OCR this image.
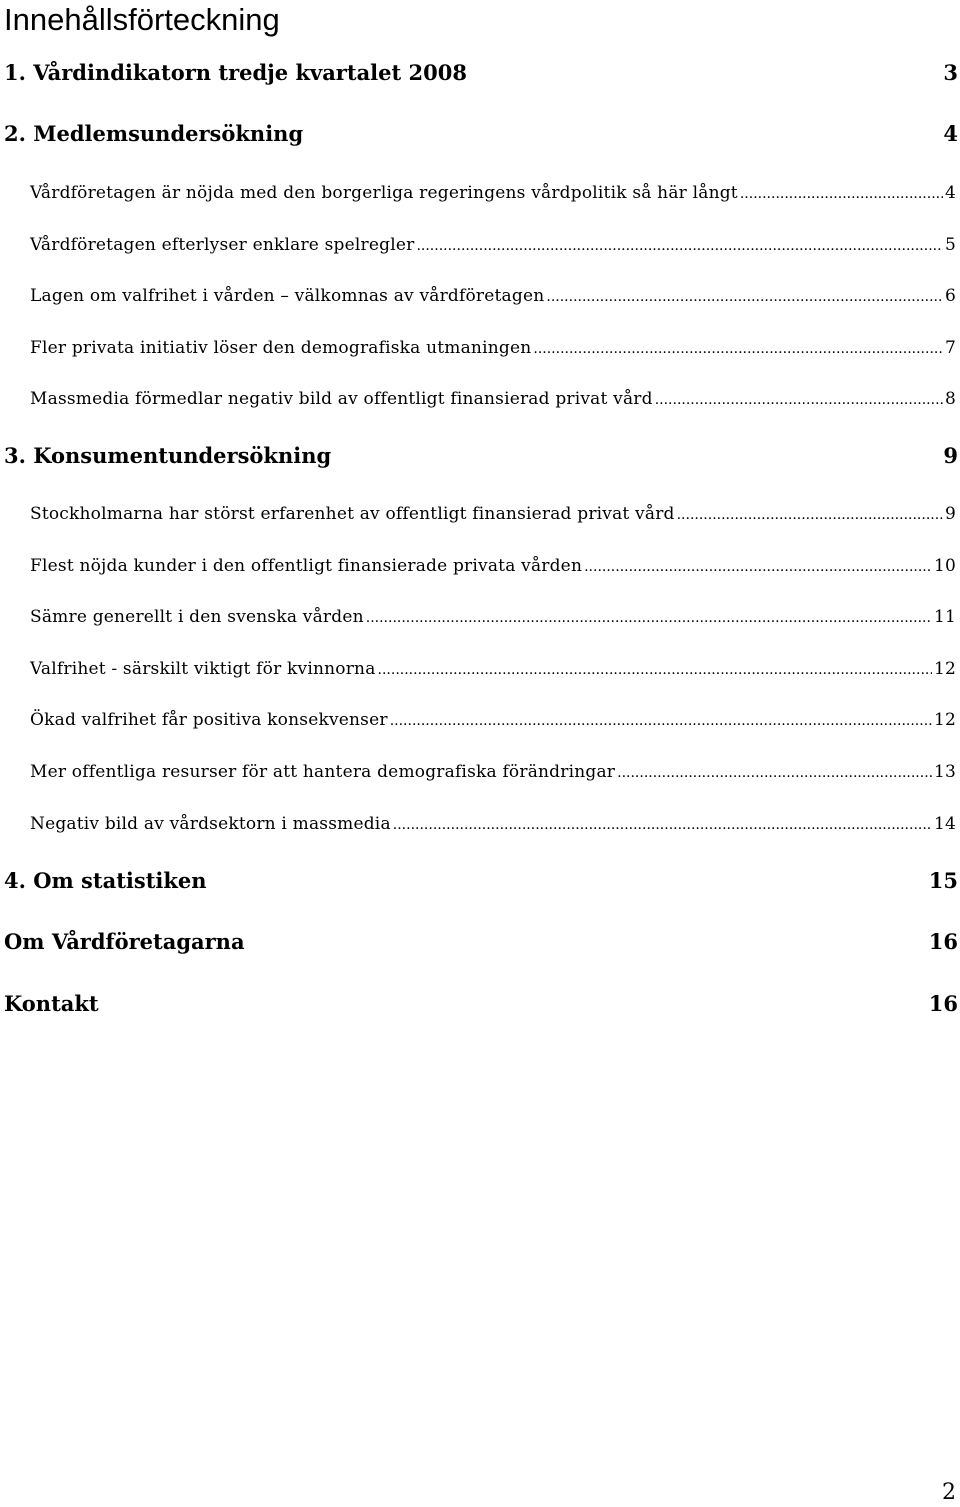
Innehållsförteckning
1. Vårdindikatorn tredje kvartalet 2008	3
2. Medlemsundersökning	4
Vårdföretagen är nöjda med den borgerliga regeringens vårdpolitik så här långt .....	4
Vårdföretagen efterlyser enklare spelregler .....	5
Lagen om valfrihet i vården – välkomnas av vårdföretagen .....	6
Fler privata initiativ löser den demografiska utmaningen .....	7
Massmedia förmedlar negativ bild av offentligt finansierad privat vård .....	8
3. Konsumentundersökning	9
Stockholmarna har störst erfarenhet av offentligt finansierad privat vård .....	9
Flest nöjda kunder i den offentligt finansierade privata vården .....	10
Sämre generellt i den svenska vården .....	11
Valfrihet - särskilt viktigt för kvinnorna .....	12
Ökad valfrihet får positiva konsekvenser .....	12
Mer offentliga resurser för att hantera demografiska förändringar .....	13
Negativ bild av vårdsektorn i massmedia .....	14
4. Om statistiken	15
Om Vårdföretagarna	16
Kontakt	16
2
